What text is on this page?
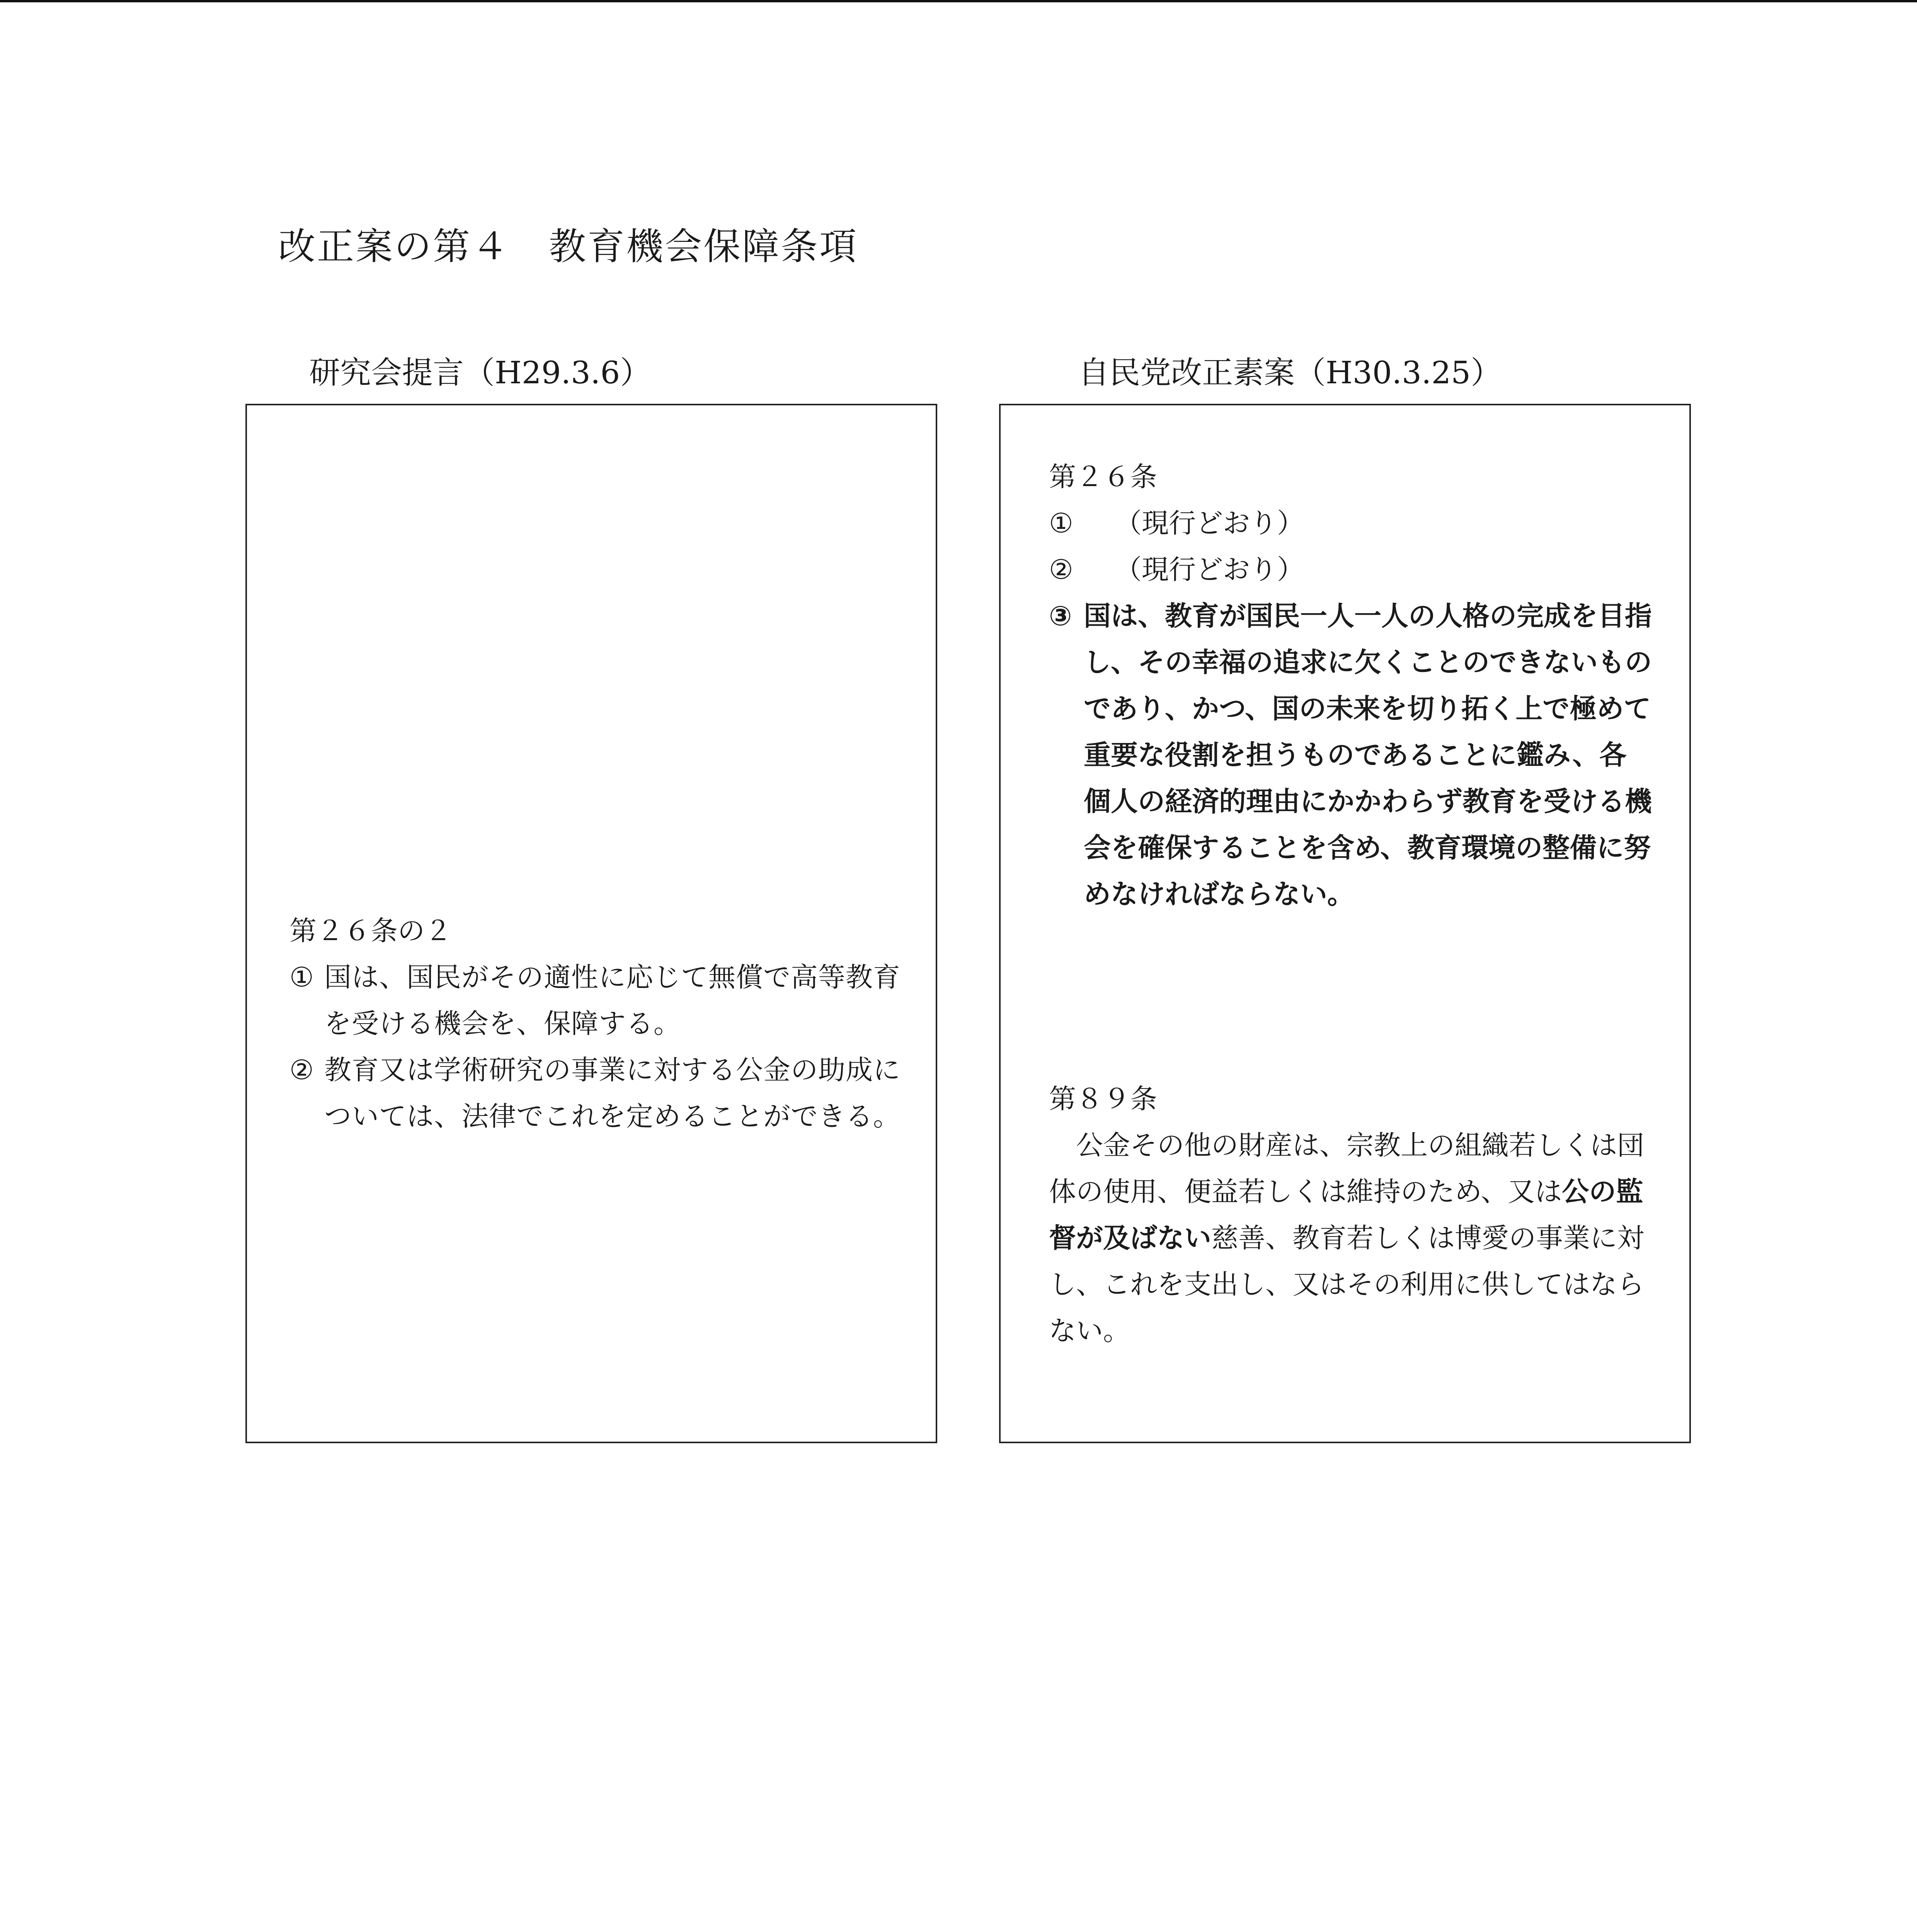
改正案の第４　教育機会保障条項
研究会提言（H29.3.6）	自民党改正素案（H30.3.25）

第２６条の２

① 国は、国民がその適性に応じて無償で高等教育を受ける機会を、保障する。
② 教育又は学術研究の事業に対する公金の助成については、法律でこれを定めることができる。

第２６条

①	（現行どおり）
②	（現行どおり）
③ 国は、教育が国民一人一人の人格の完成を目指し、その幸福の追求に欠くことのできないものであり、かつ、国の未来を切り拓く上で極めて重要な役割を担うものであることに鑑み、各個人の経済的理由にかかわらず教育を受ける機会を確保することを含め、教育環境の整備に努めなければならない。

第８９条

公金その他の財産は、宗教上の組織若しくは団体の使用、便益若しくは維持のため、又は公の監督が及ばない慈善、教育若しくは博愛の事業に対し、これを支出し、又はその利用に供してはならない。
